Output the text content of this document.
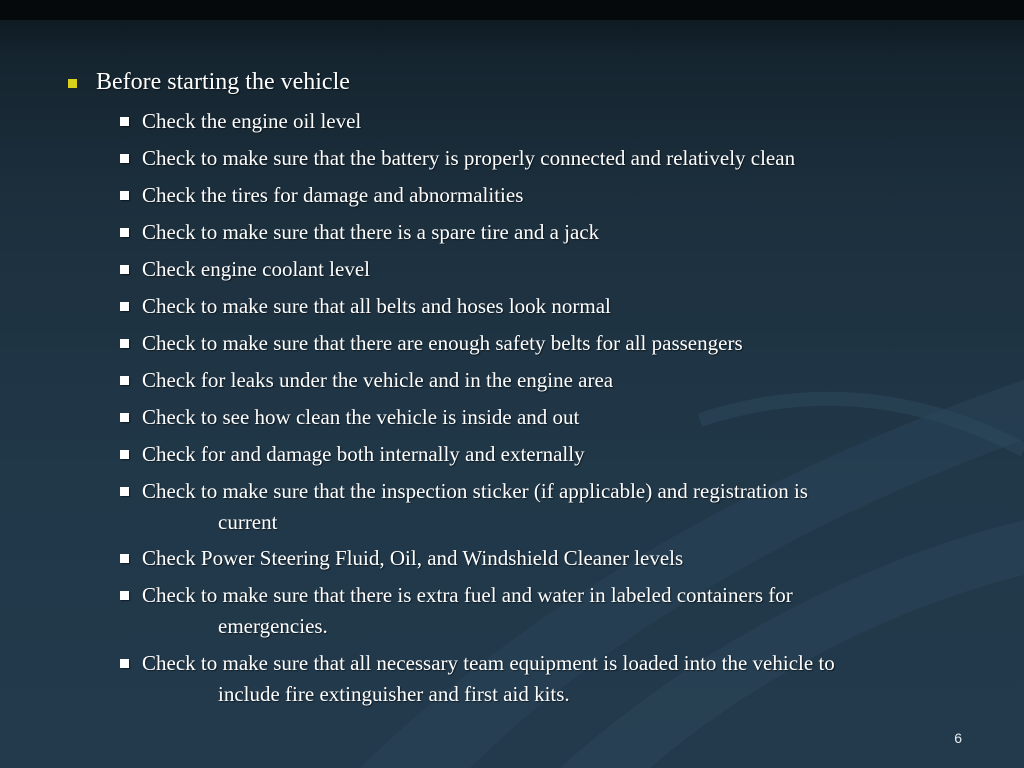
Before starting the vehicle
Check the engine oil level
Check to make sure that the battery is properly connected and relatively clean
Check the tires for damage and abnormalities
Check to make sure that there is a spare tire and a jack
Check engine coolant level
Check to make sure that all belts and hoses look normal
Check to make sure that there are enough safety belts for all passengers
Check for leaks under the vehicle and in the engine area
Check to see how clean the vehicle is inside and out
Check for and damage both internally and externally
Check to make sure that the inspection sticker (if applicable) and registration is
current
Check Power Steering Fluid, Oil, and Windshield Cleaner levels
Check to make sure that there is extra fuel and water in labeled containers for
emergencies.
Check to make sure that all necessary team equipment is loaded into the vehicle to
include fire extinguisher and first aid kits.
6
